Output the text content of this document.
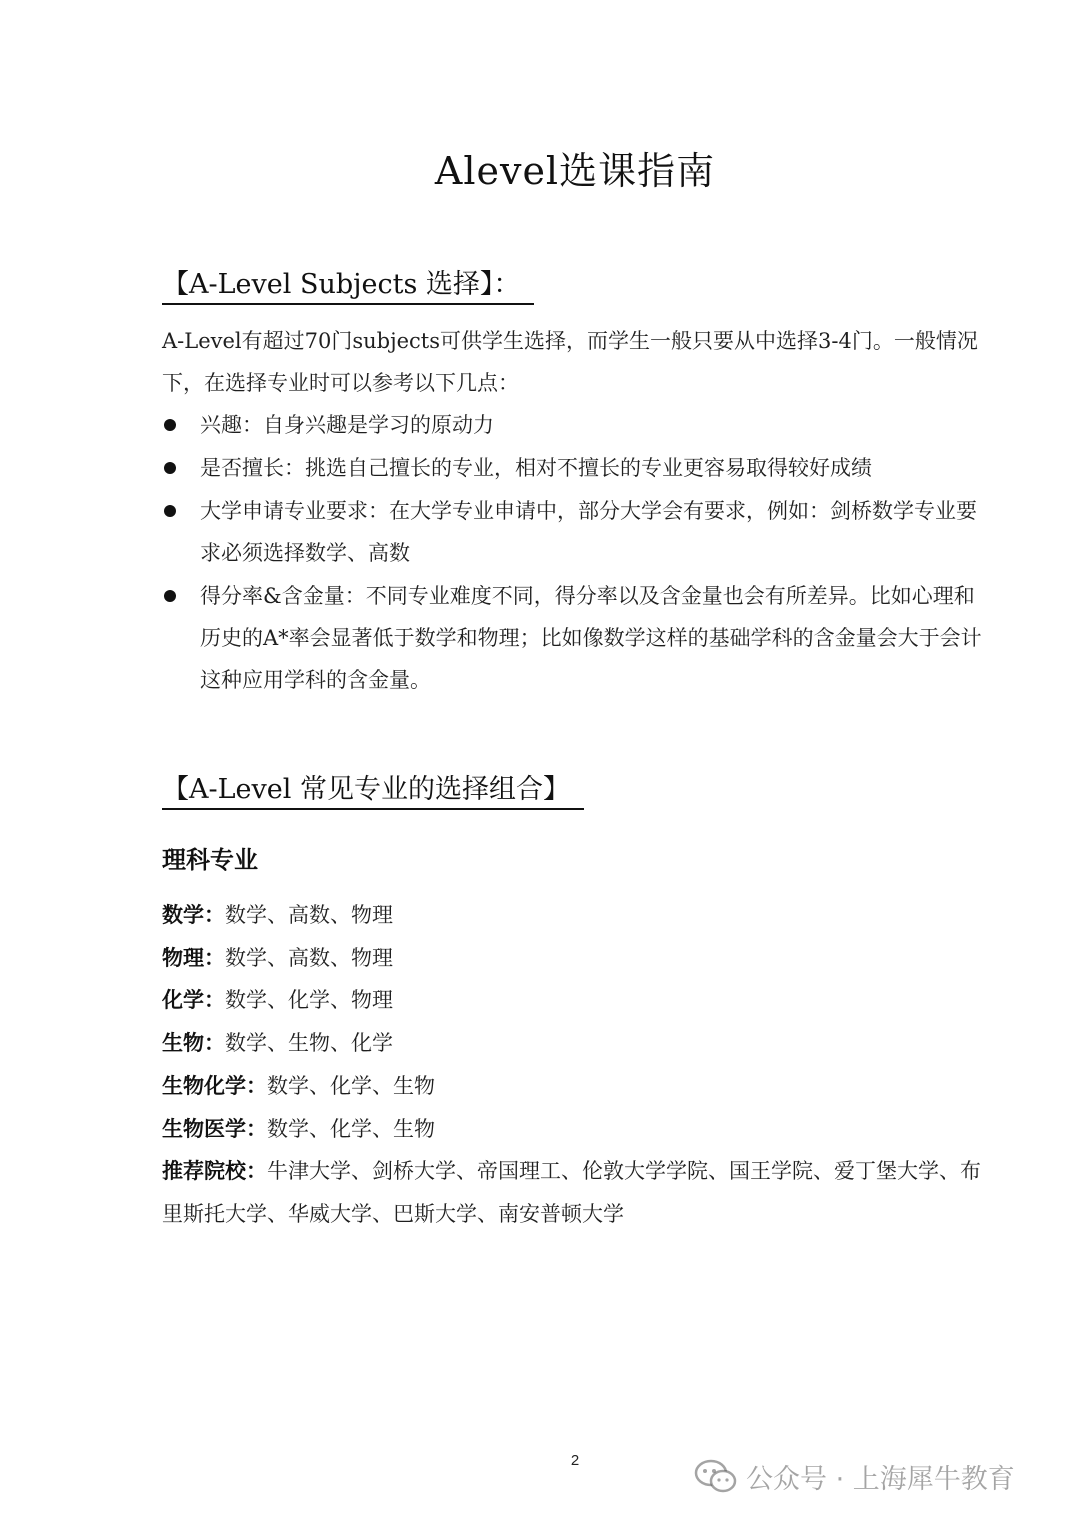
Alevel选课指南
【A-Level Subjects 选择】：
A-Level有超过70门subjects可供学生选择，而学生一般只要从中选择3-4门。一般情况下，在选择专业时可以参考以下几点：
兴趣：自身兴趣是学习的原动力
是否擅长：挑选自己擅长的专业，相对不擅长的专业更容易取得较好成绩
大学申请专业要求：在大学专业申请中，部分大学会有要求，例如：剑桥数学专业要求必须选择数学、高数
得分率&含金量：不同专业难度不同，得分率以及含金量也会有所差异。比如心理和历史的A*率会显著低于数学和物理；比如像数学这样的基础学科的含金量会大于会计这种应用学科的含金量。
【A-Level 常见专业的选择组合】
理科专业
数学：数学、高数、物理
物理：数学、高数、物理
化学：数学、化学、物理
生物：数学、生物、化学
生物化学：数学、化学、生物
生物医学：数学、化学、生物
推荐院校：牛津大学、剑桥大学、帝国理工、伦敦大学学院、国王学院、爱丁堡大学、布里斯托大学、华威大学、巴斯大学、南安普顿大学
2
公众号 · 上海犀牛教育
